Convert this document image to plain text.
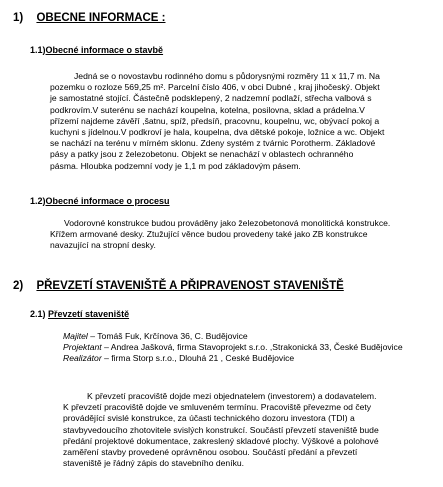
1) OBECNE INFORMACE :
1.1)Obecné informace o stavbě
Jedná se o novostavbu rodinného domu s půdorysnými rozměry 11 x 11,7 m. Na
pozemku o rozloze 569,25 m². Parcelní číslo 406, v obci Dubné , kraj jihočeský. Objekt
je samostatné stojící. Částečně podsklepený, 2 nadzemní podlaží, střecha valbová s
podkrovím.V suterénu se nachází koupelna, kotelna, posilovna, sklad a prádelna.V
přízemí najdeme závěří ,šatnu, spíž, předsíň, pracovnu, koupelnu, wc, obývací pokoj a
kuchyni s jídelnou.V podkroví je hala, koupelna, dva dětské pokoje, ložnice a wc. Objekt
se nachází na terénu v mírném sklonu. Zdeny systém z tvárnic Porotherm. Základové
pásy a patky jsou z železobetonu. Objekt se nenachází v oblastech ochranného
pásma. Hloubka podzemní vody je 1,1 m pod základovým pásem.
1.2)Obecné informace o procesu
Vodorovné konstrukce budou prováděny jako železobetonová monolitická konstrukce.
Křížem armované desky. Ztužující věnce budou provedeny také jako ZB konstrukce
navazující na stropní desky.
2) PŘEVZETÍ STAVENIŠTĚ A PŘIPRAVENOST STAVENIŠTĚ
2.1) Převzetí staveniště
Majitel – Tomáš Fuk, Krčínova 36, C. Budějovice
Projektant – Andrea Jašková, firma Stavoprojekt s.r.o. ,Strakonická 33, České Budějovice
Realizátor – firma Storp s.r.o., Dlouhá 21 , Ceské Budějovice
K převzetí pracoviště dojde mezi objednatelem (investorem) a dodavatelem.
K převzetí pracoviště dojde ve smluveném termínu. Pracoviště převezme od čety
provádějící svislé konstrukce, za účasti technického dozoru investora (TDI) a
stavbyvedoucího zhotovitele svislých konstrukcí. Součástí převzetí staveniště bude
předání projektové dokumentace, zakreslený skladové plochy. Výškové a polohové
zaměření stavby provedené oprávněnou osobou. Součástí předání a převzetí
staveniště je řádný zápis do stavebního deníku.
